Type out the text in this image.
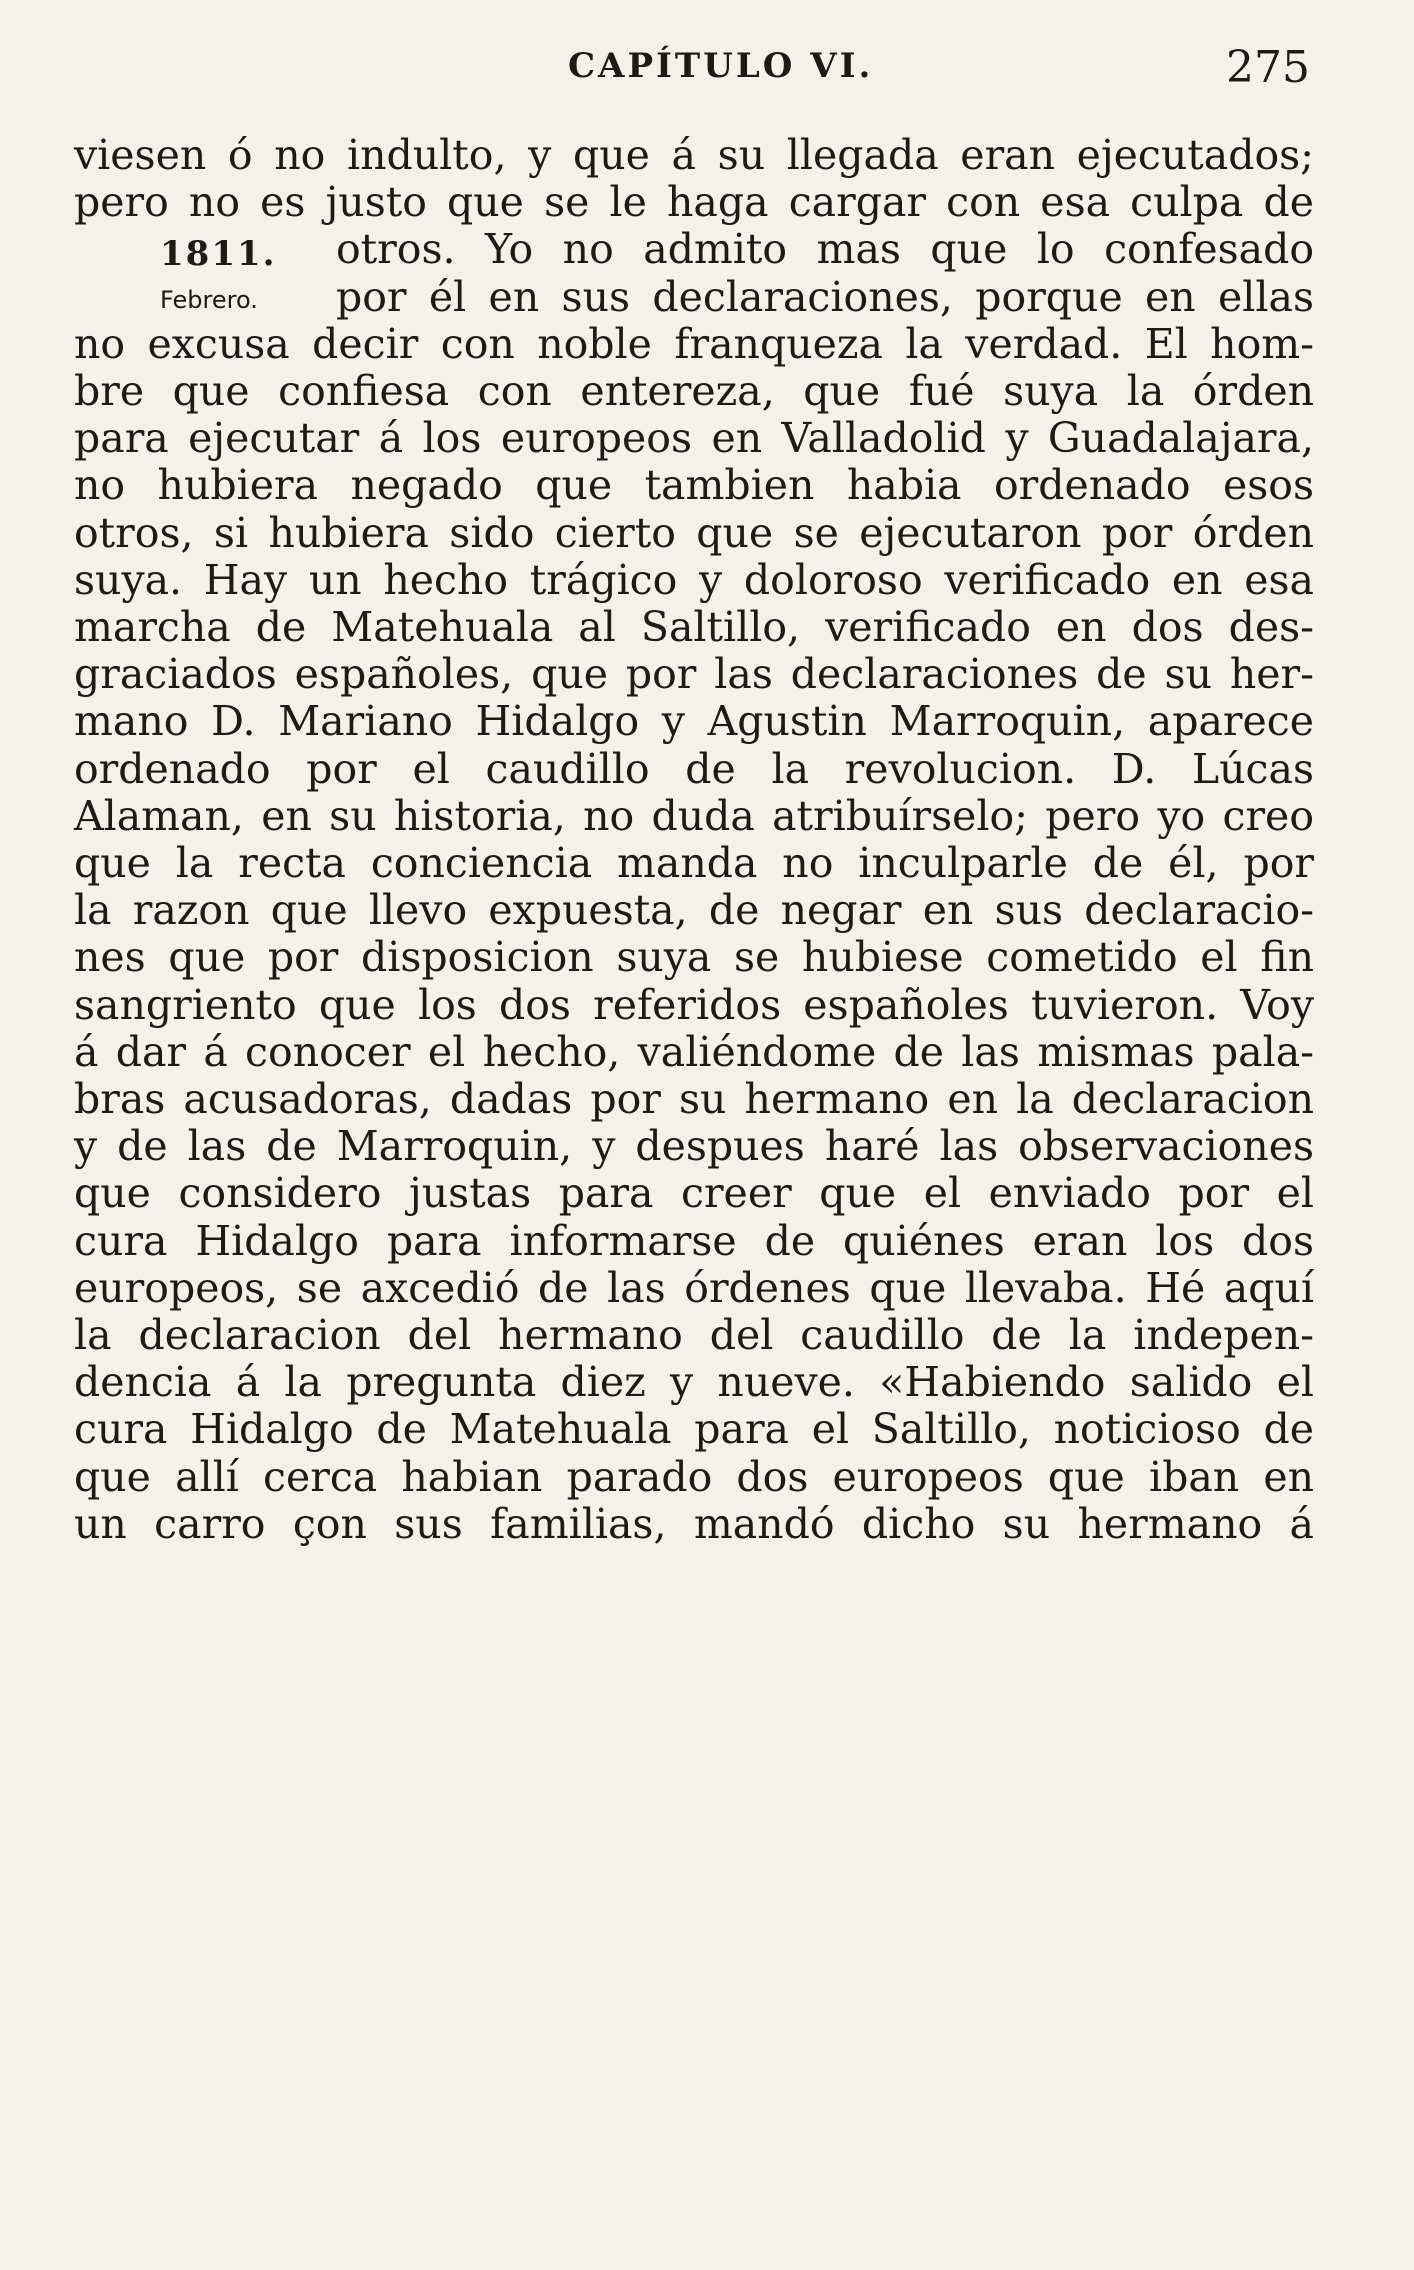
CAPÍTULO VI.	275
1811.
Febrero.
viesen ó no indulto, y que á su llegada eran ejecutados;
pero no es justo que se le haga cargar con esa culpa de
otros. Yo no admito mas que lo confesado
por él en sus declaraciones, porque en ellas
no excusa decir con noble franqueza la verdad. El hom-
bre que confiesa con entereza, que fué suya la órden
para ejecutar á los europeos en Valladolid y Guadalajara,
no hubiera negado que tambien habia ordenado esos
otros, si hubiera sido cierto que se ejecutaron por órden
suya. Hay un hecho trágico y doloroso verificado en esa
marcha de Matehuala al Saltillo, verificado en dos des-
graciados españoles, que por las declaraciones de su her-
mano D. Mariano Hidalgo y Agustin Marroquin, aparece
ordenado por el caudillo de la revolucion. D. Lúcas
Alaman, en su historia, no duda atribuírselo; pero yo creo
que la recta conciencia manda no inculparle de él, por
la razon que llevo expuesta, de negar en sus declaracio-
nes que por disposicion suya se hubiese cometido el fin
sangriento que los dos referidos españoles tuvieron. Voy
á dar á conocer el hecho, valiéndome de las mismas pala-
bras acusadoras, dadas por su hermano en la declaracion
y de las de Marroquin, y despues haré las observaciones
que considero justas para creer que el enviado por el
cura Hidalgo para informarse de quiénes eran los dos
europeos, se axcedió de las órdenes que llevaba. Hé aquí
la declaracion del hermano del caudillo de la indepen-
dencia á la pregunta diez y nueve. «Habiendo salido el
cura Hidalgo de Matehuala para el Saltillo, noticioso de
que allí cerca habian parado dos europeos que iban en
un carro çon sus familias, mandó dicho su hermano á
